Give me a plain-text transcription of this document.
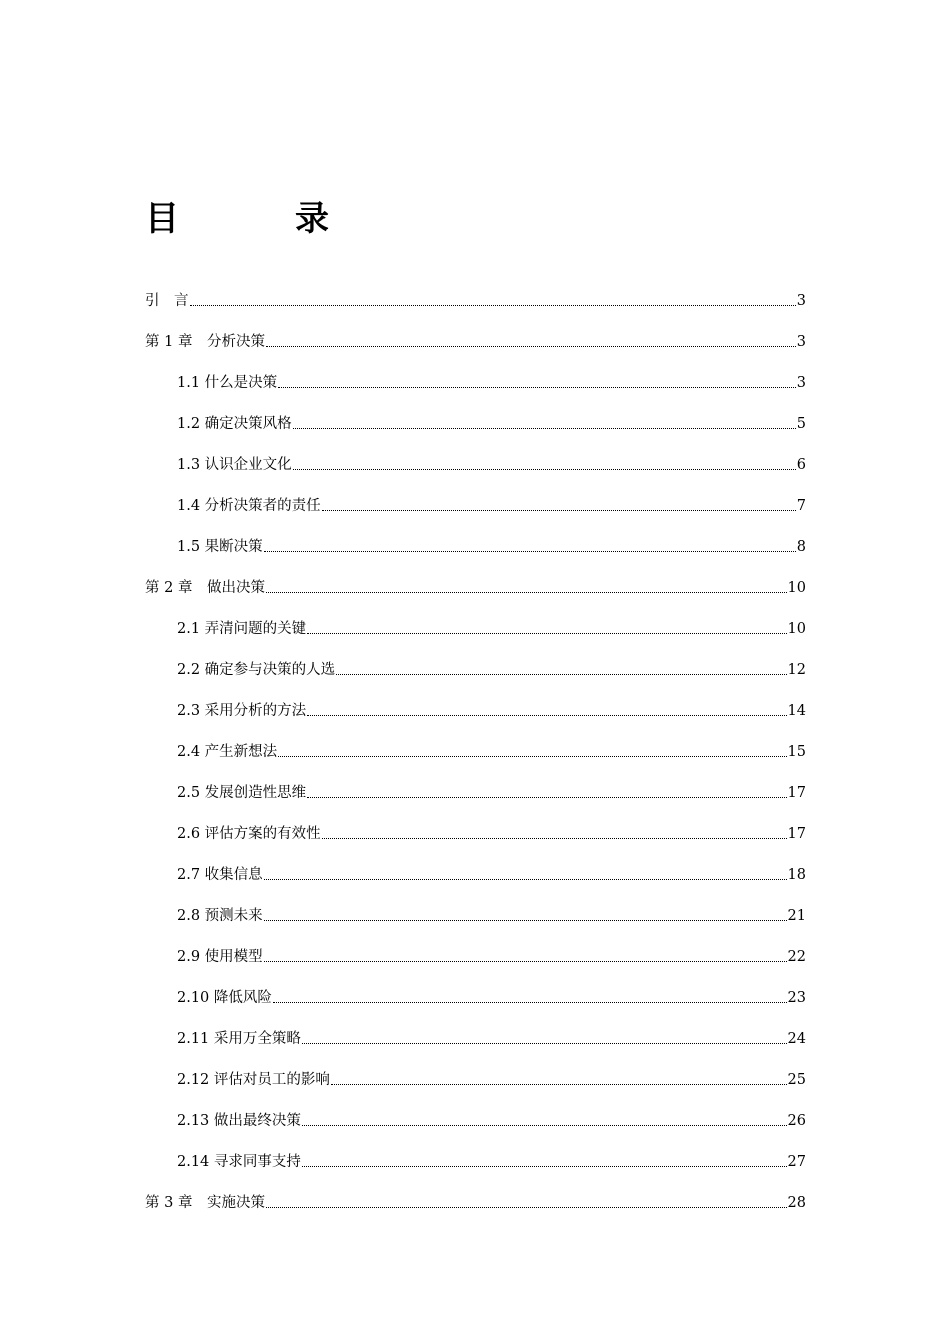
目	录
引　言	3
第 1 章　分析决策	3
1.1 什么是决策	3
1.2 确定决策风格	5
1.3 认识企业文化	6
1.4 分析决策者的责任	7
1.5 果断决策	8
第 2 章　做出决策	10
2.1 弄清问题的关键	10
2.2 确定参与决策的人选	12
2.3 采用分析的方法	14
2.4 产生新想法	15
2.5 发展创造性思维	17
2.6 评估方案的有效性	17
2.7 收集信息	18
2.8 预测未来	21
2.9 使用模型	22
2.10 降低风险	23
2.11 采用万全策略	24
2.12 评估对员工的影响	25
2.13 做出最终决策	26
2.14 寻求同事支持	27
第 3 章　实施决策	28
